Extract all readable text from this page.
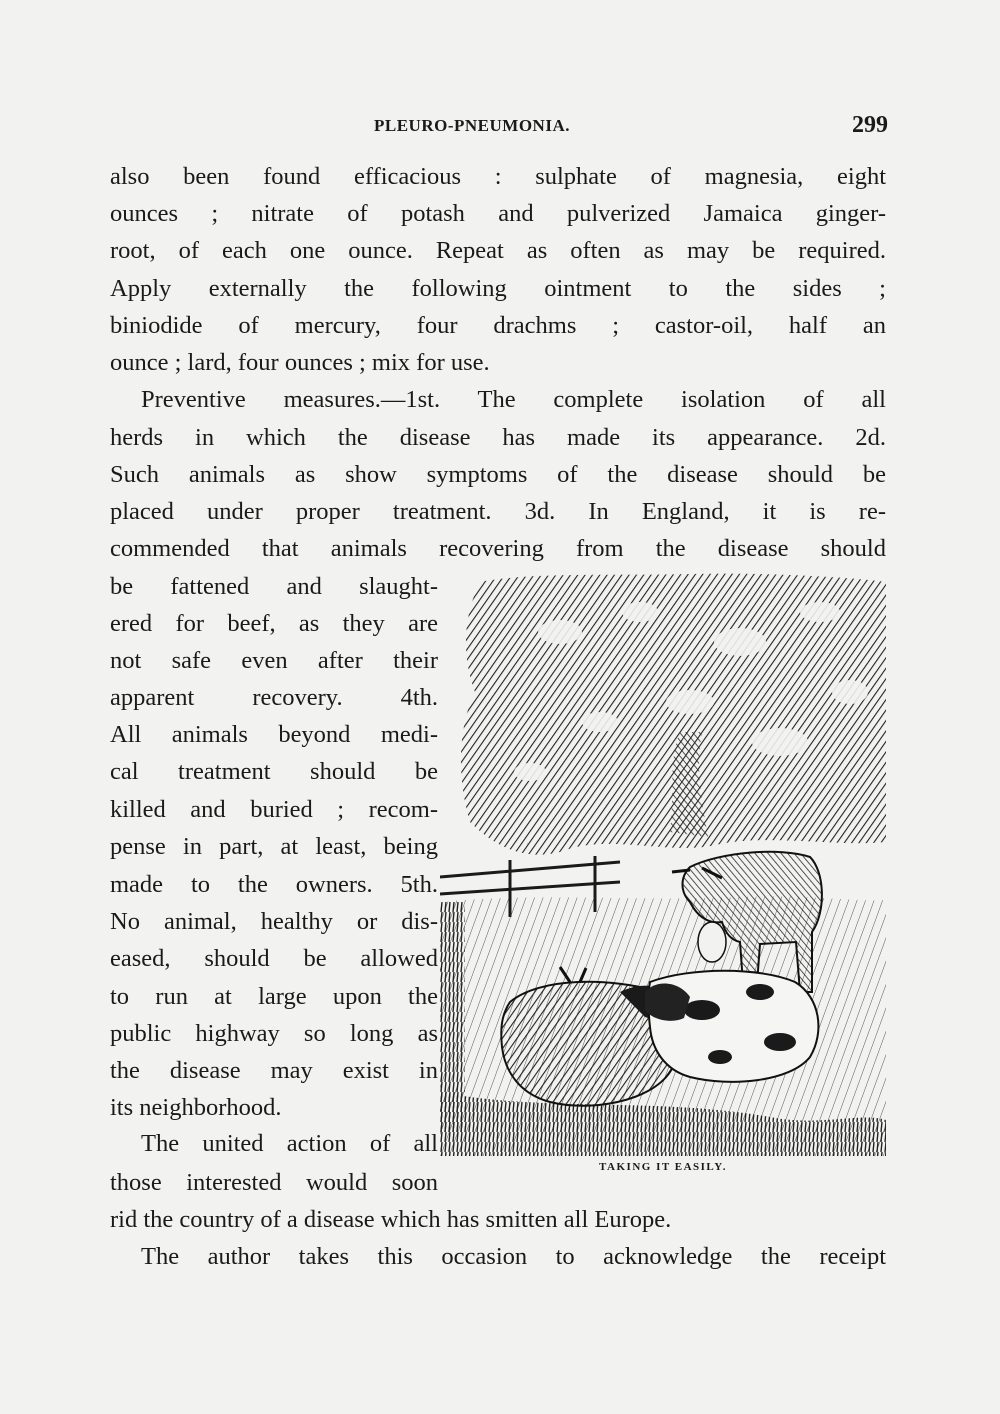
PLEURO-PNEUMONIA.	299
also been found efficacious : sulphate of magnesia, eight
ounces ; nitrate of potash and pulverized Jamaica ginger-
root, of each one ounce. Repeat as often as may be required.
Apply externally the following ointment to the sides ;
biniodide of mercury, four drachms ; castor-oil, half an
ounce ; lard, four ounces ; mix for use.
Preventive measures.—1st. The complete isolation of all
herds in which the disease has made its appearance. 2d.
Such animals as show symptoms of the disease should be
placed under proper treatment. 3d. In England, it is re-
commended that animals recovering from the disease should
be fattened and slaught-
ered for beef, as they are
not safe even after their
apparent recovery. 4th.
All animals beyond medi-
cal treatment should be
killed and buried ; recom-
pense in part, at least, being
made to the owners. 5th.
No animal, healthy or dis-
eased, should be allowed
to run at large upon the
public highway so long as
the disease may exist in
its neighborhood.
The united action of all
those interested would soon
rid the country of a disease which has smitten all Europe.
The author takes this occasion to acknowledge the receipt
TAKING IT EASILY.
